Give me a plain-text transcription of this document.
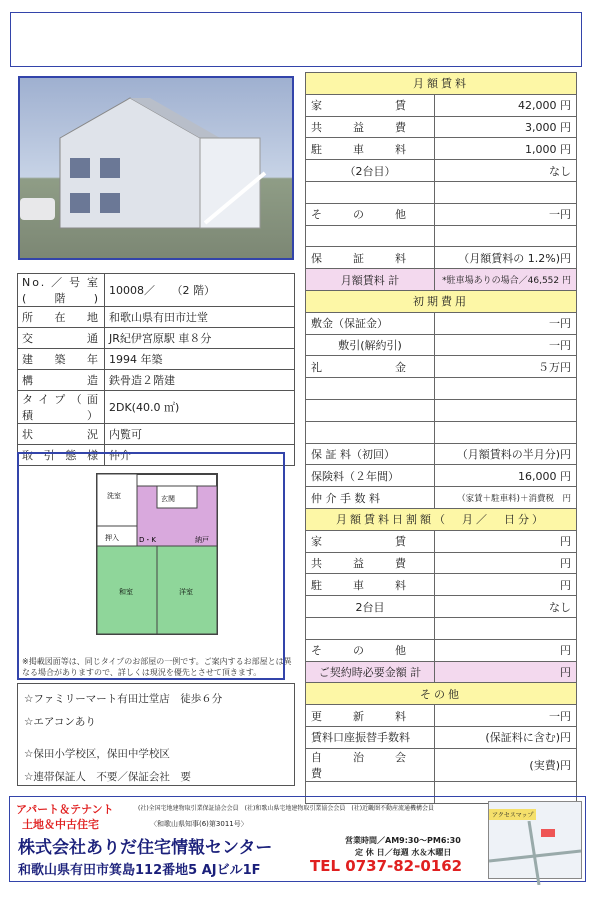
No.／号室(階)	10008／　　（2 階）
所　在　地	和歌山県有田市辻堂
交　　　通	JR紀伊宮原駅 車８分
建　築　年	1994 年築
構　　　造	鉄骨造２階建
タイプ（面積）	2DK(40.0 ㎡)
状　　　況	内覧可
取 引 態 様	仲介
月額賃料	
家　　　賃	42,000 円
共　益　費	3,000 円
駐　車　料	1,000 円
（2台目）	なし

そ　の　他	一円

保　証　料	（月額賃料の 1.2%)円
月額賃料 計	*駐車場ありの場合／46,552 円
初期費用	
敷金（保証金）	一円
敷引(解約引)	一円
礼　　　金	５万円

保 証 料（初回）	（月額賃料の半月分)円
保険料（２年間）	16,000 円
仲 介 手 数 料	（家賃＋駐車料)＋消費税　円
月額賃料日割額（　月／　日分）	
家　　　賃	円
共　益　費	円
駐　車　料	円
2台目	なし

そ　の　他	円
ご契約時必要金額 計	円
その他	
更　新　料	一円
賃料口座振替手数料	(保証料に含む)円
自　治　会　費	(実費)円

洗室	玄関
押入	D・K	納戸
洋室
和室
※掲載図面等は、同じタイプのお部屋の一例です。ご案内するお部屋とは異なる場合がありますので、詳しくは現況を優先とさせて頂きます。
☆ファミリーマート有田辻堂店　徒歩６分
☆エアコンあり
☆保田小学校区，保田中学校区
☆連帯保証人　不要／保証会社　要
アパート＆テナント
土地＆中古住宅
(社)全国宅地建物取引業保証協会会員　(社)和歌山県宅地建物取引業協会会員　(社)近畿圏不動産流通機構会員
〈和歌山県知事(6)第3011号〉
株式会社ありだ住宅情報センター	営業時間／AM9:30〜PM6:30
定 休 日／毎週 水＆木曜日
和歌山県有田市箕島112番地5 AJビル1F	TEL 0737-82-0162
アクセスマップ
